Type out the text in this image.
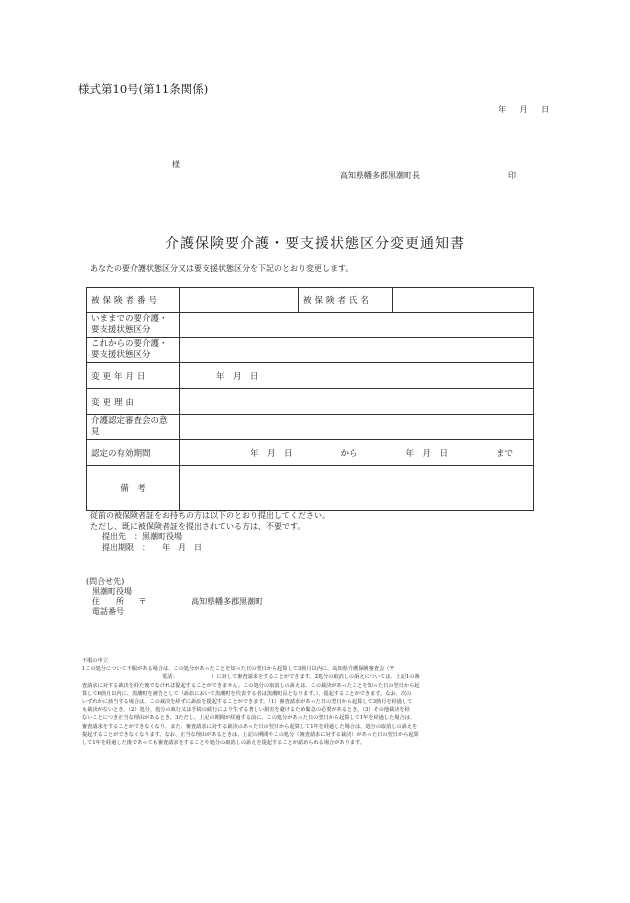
様式第10号(第11条関係)
年 月 日
様
高知県幡多郡黒潮町長	印
介護保険要介護・要支援状態区分変更通知書
あなたの要介護状態区分又は要支援状態区分を下記のとおり変更します。
被保険者番号		被保険者氏名	
いままでの要介護・要支援状態区分			
これからの要介護・要支援状態区分			
変更年月日	年　月　日		
変更理由			
介護認定審査会の意見			
認定の有効期間	年　月　日 から 年　月　日 まで		

備　考			
従前の被保険者証をお持ちの方は以下のとおり提出してください。
ただし、既に被保険者証を提出されている方は、不要です。
提出先　：黒潮町役場
提出期限　：　　年　月　日
(問合せ先)
黒潮町役場
住　　所 〒	高知県幡多郡黒潮町
電話番号

不服の申立

1この処分について不服がある場合は、この処分があったことを知った日の翌日から起算して3箇月以内に、高知県介護保険審査会（〒

電話：　　　　　　　）に対して審査請求をすることができます。2処分の取消しの訴えについては、上記1の審

査請求に対する裁決を経た後でなければ提起することができません。この処分の取消しの訴えは、この裁決があったことを知った日の翌日から起

算して6箇月以内に、黒潮町を被告として（訴訟において黒潮町を代表する者は黒潮町長となります。）、提起することができます。なお、次の

いずれかに該当する場合は、この裁決を経ずに訴訟を提起することができます。（1）審査請求があった日の翌日から起算して3箇月を経過して

も裁決がないとき。（2）処分、処分の執行又は手続の続行により生ずる著しい損害を避けるため緊急の必要があるとき。（3）その他裁決を経

ないことにつき正当な理由があるとき。3ただし、上記の期間が経過する前に、この処分があった日の翌日から起算して1年を経過した場合は、

審査請求をすることができなくなり、また、審査請求に対する裁決のあった日の翌日から起算して1年を経過した場合は、処分の取消しの訴えを

提起することができなくなります。なお、正当な理由があるときは、上記の期間やこの処分（審査請求に対する裁決）があった日の翌日から起算

して1年を経過した後であっても審査請求をすることや処分の取消しの訴えを提起することが認められる場合があります。
